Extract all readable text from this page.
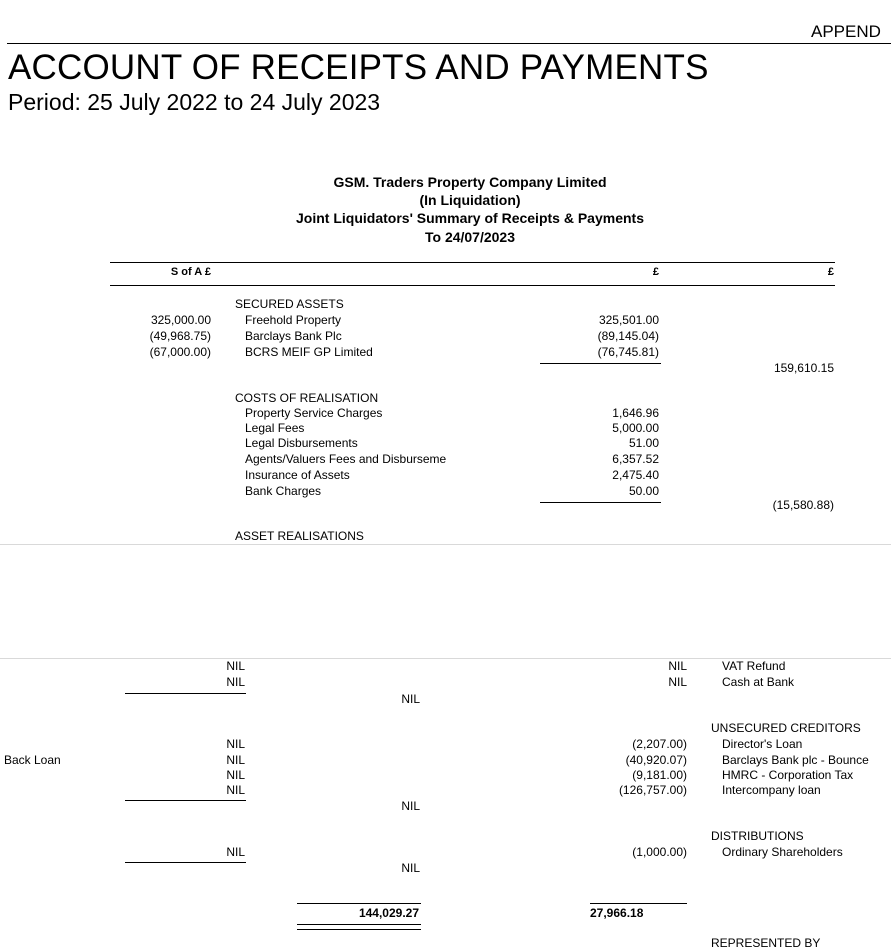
APPEND
ACCOUNT OF RECEIPTS AND PAYMENTS
Period: 25 July 2022 to 24 July 2023
GSM. Traders Property Company Limited
(In Liquidation)
Joint Liquidators' Summary of Receipts & Payments
To 24/07/2023
S of A £	£	£
SECURED ASSETS
325,000.00	Freehold Property	325,501.00
(49,968.75)	Barclays Bank Plc	(89,145.04)
(67,000.00)	BCRS MEIF GP Limited	(76,745.81)
159,610.15
COSTS OF REALISATION
Property Service Charges	1,646.96
Legal Fees	5,000.00
Legal Disbursements	51.00
Agents/Valuers Fees and Disburseme	6,357.52
Insurance of Assets	2,475.40
Bank Charges	50.00
(15,580.88)
ASSET REALISATIONS
NIL	NIL	VAT Refund
NIL	NIL	Cash at Bank
NIL
UNSECURED CREDITORS
Back Loan
NIL	(2,207.00)	Director's Loan
NIL	(40,920.07)	Barclays Bank plc - Bounce
NIL	(9,181.00)	HMRC - Corporation Tax
NIL	(126,757.00)	Intercompany loan
NIL
DISTRIBUTIONS
NIL	(1,000.00)	Ordinary Shareholders
NIL
144,029.27	27,966.18
REPRESENTED BY
